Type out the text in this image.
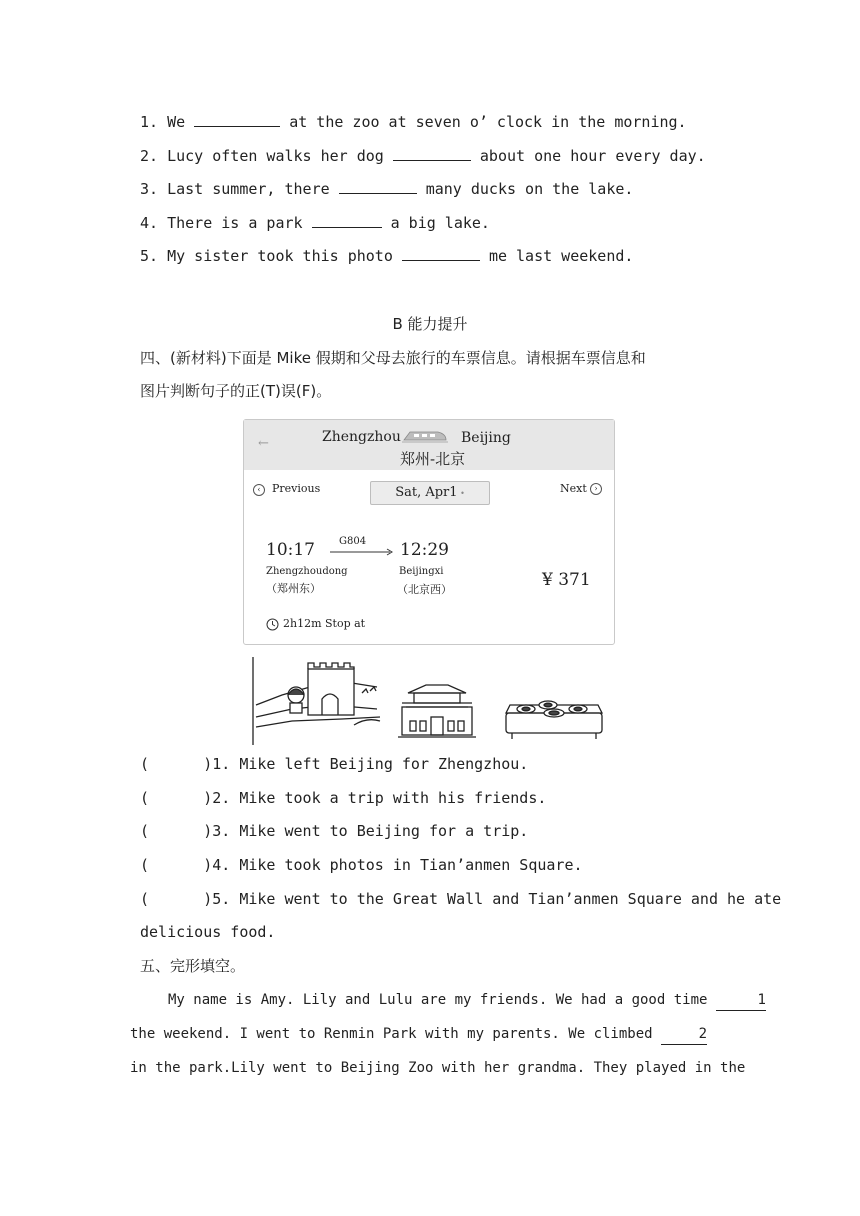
1. We	at the zoo at seven o’ clock in the morning.
2. Lucy often walks her dog	about one hour every day.
3. Last summer, there	many ducks on the lake.
4. There is a park	a big lake.
5. My sister took this photo	me last weekend.
B 能力提升
四、(新材料)下面是 Mike 假期和父母去旅行的车票信息。请根据车票信息和
图片判断句子的正(T)误(F)。
←	Zhengzhou	Beijing
郑州-北京
‹	Previous	Sat, Apr1 •	Next ›
10:17 G804 12:29
Zhengzhoudong
（郑州东）
Beijingxi
（北京西）	¥ 371
2h12m Stop at
(      )1. Mike left Beijing for Zhengzhou.
(      )2. Mike took a trip with his friends.
(      )3. Mike went to Beijing for a trip.
(      )4. Mike took photos in Tian’anmen Square.
(      )5. Mike went to the Great Wall and Tian’anmen Square and he ate
delicious food.
五、完形填空。
My name is Amy. Lily and Lulu are my friends. We had a good time	1
the weekend. I went to Renmin Park with my parents. We climbed	2
in the park.Lily went to Beijing Zoo with her grandma. They played in the
